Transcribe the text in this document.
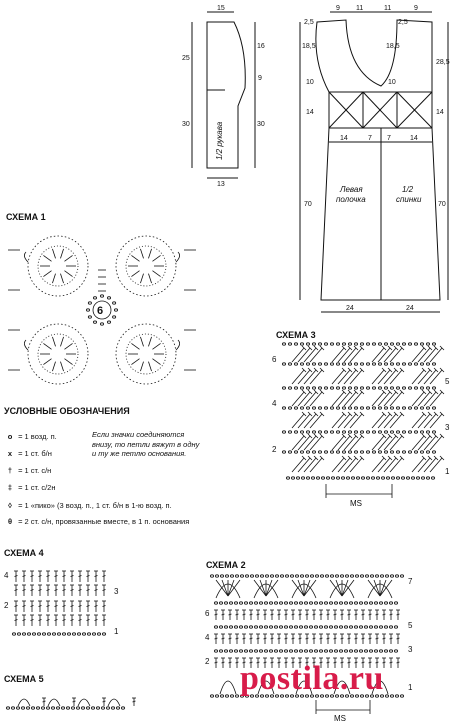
15
16
9
30
25
30
13
1/2 рукава
9 11	11	9
2,5	2,5
18,5	18,5
28,5
10	10
14	14
14	7 7	14
70	70
24	24
Левая
полочка
1/2
спинки
СХЕМА 1
6
СХЕМА 3
6
4
2
5
3
1
MS
СХЕМА 4
4
2
3
1
СХЕМА 5
СХЕМА 2
6
4
2
7
5
3
1
MS
УСЛОВНЫЕ ОБОЗНАЧЕНИЯ
o = 1 возд. п.
x = 1 ст. б/н
† = 1 ст. с/н
‡ = 1 ст. с/2н
◊ = 1 «пико» (3 возд. п., 1 ст. б/н в 1-ю возд. п.
θ = 2 ст. с/н, провязанные вместе, в 1 п. основания
Если значки соединяются внизу, то петли вяжут в одну и ту же петлю основания.
postila.ru
